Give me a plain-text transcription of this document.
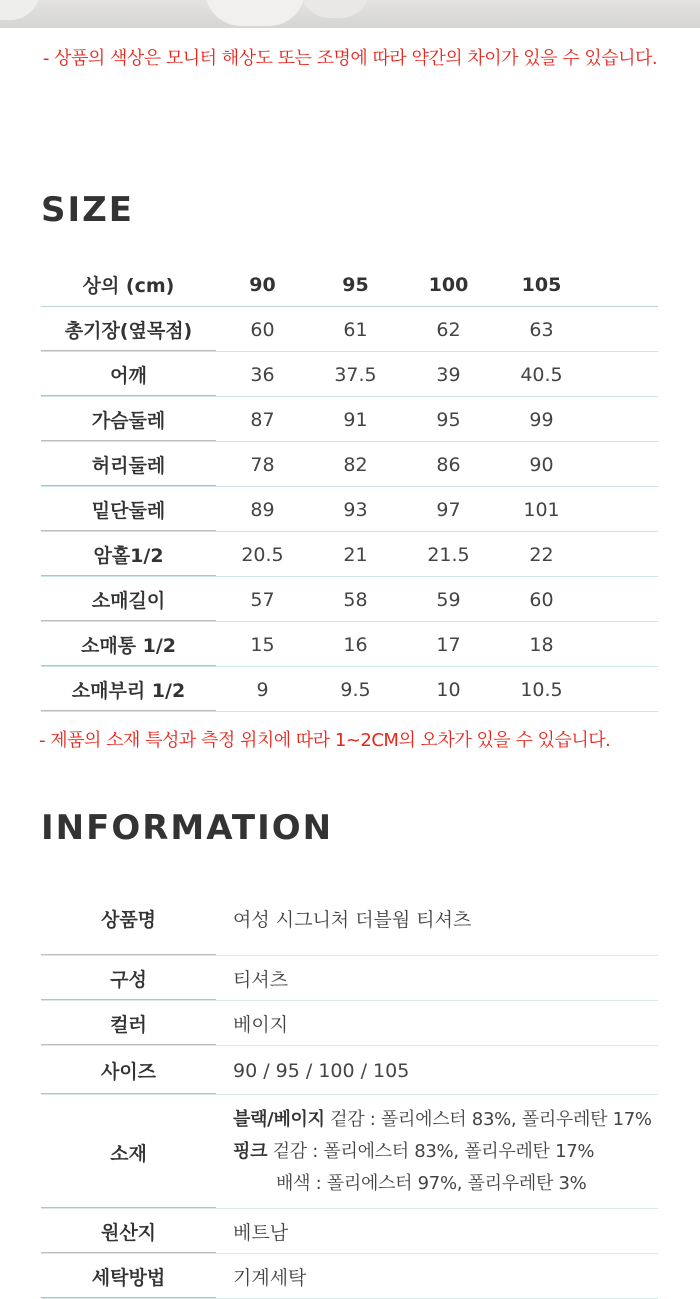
- 상품의 색상은 모니터 해상도 또는 조명에 따라 약간의 차이가 있을 수 있습니다.
SIZE
상의 (cm)	90	95	100	105
총기장(옆목점)	60	61	62	63
어깨	36	37.5	39	40.5
가슴둘레	87	91	95	99
허리둘레	78	82	86	90
밑단둘레	89	93	97	101
암홀1/2	20.5	21	21.5	22
소매길이	57	58	59	60
소매통 1/2	15	16	17	18
소매부리 1/2	9	9.5	10	10.5
- 제품의 소재 특성과 측정 위치에 따라 1~2CM의 오차가 있을 수 있습니다.
INFORMATION
상품명	여성 시그니처 더블웜 티셔츠
구성	티셔츠
컬러	베이지
사이즈	90 / 95 / 100 / 105
소재
블랙/베이지 겉감 : 폴리에스터 83%, 폴리우레탄 17%
핑크 겉감 : 폴리에스터 83%, 폴리우레탄 17%
배색 : 폴리에스터 97%, 폴리우레탄 3%
원산지	베트남
세탁방법	기계세탁
